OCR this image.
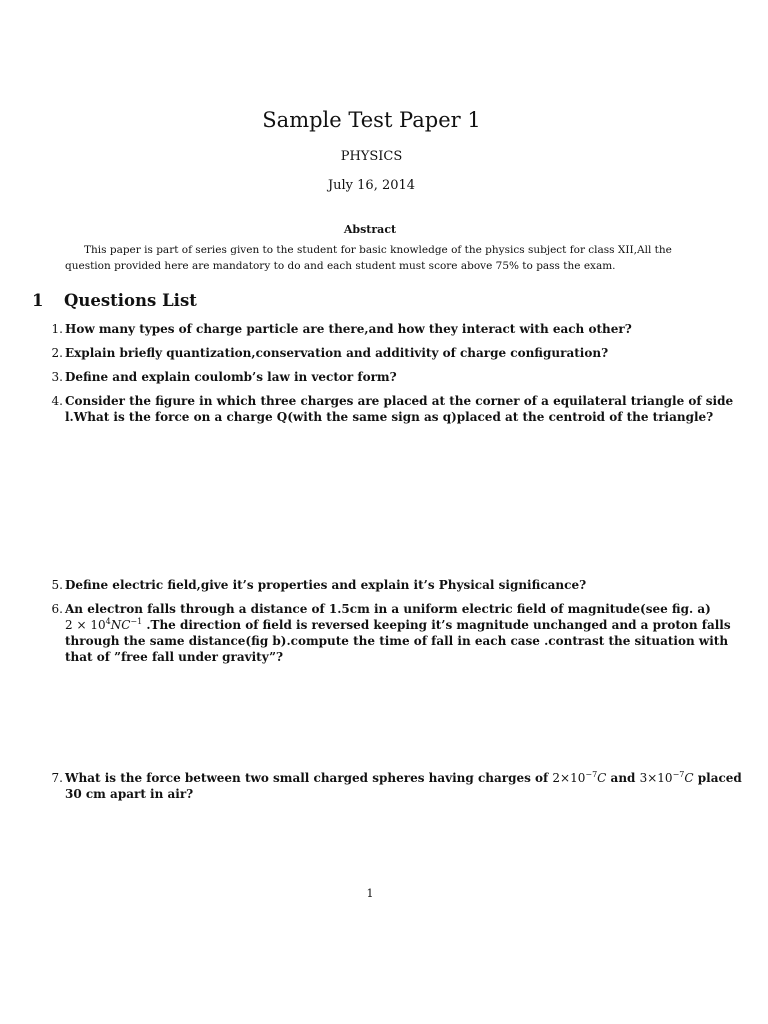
Sample Test Paper 1
PHYSICS
July 16, 2014
Abstract
This paper is part of series given to the student for basic knowledge of the physics subject for class XII,All the
question provided here are mandatory to do and each student must score above 75% to pass the exam.
1 Questions List
1. How many types of charge particle are there,and how they interact with each other?
2. Explain briefly quantization,conservation and additivity of charge configuration?
3. Define and explain coulomb’s law in vector form?
4. Consider the figure in which three charges are placed at the corner of a equilateral triangle of side
l.What is the force on a charge Q(with the same sign as q)placed at the centroid of the triangle?
5. Define electric field,give it’s properties and explain it’s Physical significance?
6. An electron falls through a distance of 1.5cm in a uniform electric field of magnitude(see fig. a)
$2 \times 10^4NC^{-1}$ .The direction of field is reversed keeping it’s magnitude unchanged and a proton falls
through the same distance(fig b).compute the time of fall in each case .contrast the situation with
that of ”free fall under gravity”?
7. What is the force between two small charged spheres having charges of $2\times 10^{-7}C$ and $3\times 10^{-7}C$ placed
30 cm apart in air?
1
